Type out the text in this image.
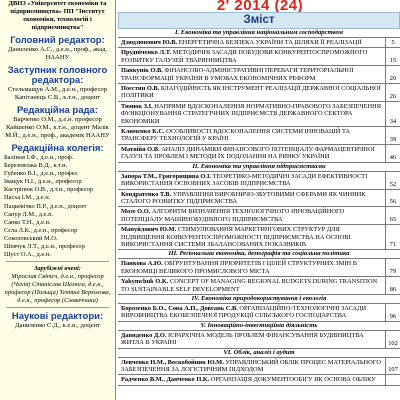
ДВНЗ «Університет економіки та підприємництва» ПП "Інститут економіки, технологій і підприємництва"
Головний редактор:
Даниленко А.С., д.е.н., проф., акад. НААНУ
Заступник головного редактора:
Стельмащук А.М., д.е.н., професор Капітанець С.В., к.т.н., доцент
Редакційна рада:
Варченко О.М., д.е.н. професор Кайшенко О.М., к.т.н., доцент Малік М.Й., д.е.н., проф., академік НААНУ
Редакційна колегія:
Балінов І.Ф., д.е.н., проф.
Березовська В.Д., к.т.н.
Губенко В.І., д.е.н., профес
Іващук Н.І., д.е.н., професор
Кастріпюк О.В., д.т.н., професор
Пасха І.М., д.е.н.
Пацкевічко П.Р., д.е.н., доцент
Сапур Л.М., д.е.н.
Сапко Т.Н., д.е.н.
Сєла Л.К., д.е.н., професор
Соколовський М.О.
Шевчук Л.Т., д.е.н., професор
Шуст О.А., д.е.н.
Зарубіжні вчені:
Мірослав Світєч, д.е.н., професор (Чехія) Станіслав Шелюга, д.е.н., професор (Польща) Тетяна Верхолова, д.е.н., професор (Словаччина)
Наукові редактори:
Даниленко С.Д., к.е.н., доцент
2' 2014 (24)
Зміст
I. Економіка та управління національним господарством
Дзюдзюнович Ю.В. ЕНЕРГЕТИЧНА БЕЗПЕКА УКРАЇНИ ТА ШЛЯХИ ЇЇ РЕАЛІЗАЦІЇ	5
Прудніченко Л.Т. МЕТОДИЧНІ ЗАСАДИ ПОБУДОВИ КОНКУРЕНТОСПРОМОЖНОГО РОЗВИТКУ ГАЛУЗЕЙ ТВАРИННИЦТВА	15
Панкунік О.В. ФІНАНСОВО-АДМІНІСТРАТИВНІ ПЕРЕВАГИ ТЕРИТОРІАЛЬНОЇ ТРАНСФОРМАЦІЇ УКРАЇНИ В УМОВАХ ЕКОНОМІЧНИХ РЕФОРМ	20
Поєстин О.В. БЛАГОДІЙНІСТЬ ЯК ІНСТРУМЕНТ РЕАЛІЗАЦІЇ ДЕРЖАВНОЇ СОЦІАЛЬНОЇ ПОЛІТИКИ	26
Тюнюк З.І. НАПРЯМИ ВДОСКОНАЛЕННЯ НОРМАТИВНО-ПРАВОВОГО ЗАБЕЗПЕЧЕННЯ ФУНКЦІОНУВАННЯ СТРАТЕГІЧНИХ ПІДПРИЄМСТВ ДЕРЖАВНОГО СЕКТОРА ЕКОНОМІКИ	34
Клименко К.С. ОСОБЛИВОСТІ ВДОСКОНАЛЕННЯ СИСТЕМИ ІННОВАЦІЙ ТА ТРАНСФЕРУ ТЕХНОЛОГІЙ У КРАЇНІ	39
Матвійя О.В. АНАЛІЗ ДИНАМІКИ ФІНАНСОВОГО ПОТЕНЦІАЛУ ФАРМАЦЕВТИЧНОЇ ГАЛУЗІ ТА ПРОБЛЕМ І МЕТОДИ ЇХ ПОДОЛАННЯ НА РИНКУ УКРАЇНИ	46
II. Економіка та управління підприємствами
Запора Т.М., Григорищина О.І. ТЕОРЕТИКО-МЕТОДИЧНІ ЗАСАДИ ЕФЕКТИВНОСТІ ВИКОРИСТАННЯ ОСНОВНИХ ЗАСОБІВ ПІДПРИЄМСТВА	52
Кондратенко Т.В. УПРАВЛІННЯ ВИРОБНИЧО-ЗБУТОВИМИ СФЕРАМИ ЯК ЧИННИК СТАЛОГО РОЗВИТКУ ПІДПРИЄМСТВА	56
Мозе О.О. АЛГОРИТМ ВИЗНАЧЕННЯ ТЕХНОЛОГІЧНОГО ІННОВАЦІЙНОГО ПОТЕНЦІАЛУ МАШИНОБУДІВНОГО ПІДПРИЄМСТВА	65
Мануйлович Ю.М. СТИМУЛЮВАННЯ МАРКЕТИНГОВИХ СТРУКТУР ДЛЯ ПІДВИЩЕННЯ КОНКУРЕНТОСПРОМОЖНОСТІ ПІДПРИЄМСТВА НА ОСНОВІ ВИКОРИСТАННЯ СИСТЕМИ ЗБАЛАНСОВАНИХ ПОКАЗНИКІВ	71
III. Регіональна економіка, демографія та соціальна політика
Панкова А.Ю. ОБҐРУНТУВАННЯ ПРІОРИТЕТІВ І ЦІЛЕЙ СТРУКТУРНИХ ЗМІН В ЕКОНОМІЦІ ВЕЛИКОГО ПРОМИСЛОВОГО МІСТА	79
Yakymchuk O.K. CONCEPT OF MANAGING REGIONAL BUDGETS DURING TRANSITION TO SUSTAINABLE SELF DEVELOPMENT	86
IV. Економіка природокористування і екологія
Борозенко Б.О., Сова А.П., Довгань С.В. ОРГАНІЗАЦІЙНО-ТЕХНОЛОГІЧНІ ЗАСАДИ ВИРОБНИЦТВА ЕКОБЕЗПЕЧНОЇ ПРОДУКЦІЇ СІЛЬСЬКОГО ГОСПОДАРСТВА	96
V. Інноваційно-інвестиційна діяльність
Давиденко Д.О. ІЄРАРХІЧНА МОДЕЛЬ ПРОБЛЕМ ФІНАНСУВАННЯ БУДІВНИЦТВА ЖИТЛА В УКРАЇНІ	102
VI. Облік, аналіз і аудит
Левченко Н.М., Воскобойник Ю.М. УПРАВЛІНСЬКИЙ ОБЛІК ПРОЦЕС МАТЕРІАЛЬНОГО ЗАБЕЗПЕЧЕННЯ ЗА ЛОГІСТИЧНИМ ПІДХОДОМ	107
Радченко В.М., Данченко П.К. ОРГАНІЗАЦІЯ ДОКУМЕНТООБІГУ ЯК ОСНОВА ОБЛІКУ
